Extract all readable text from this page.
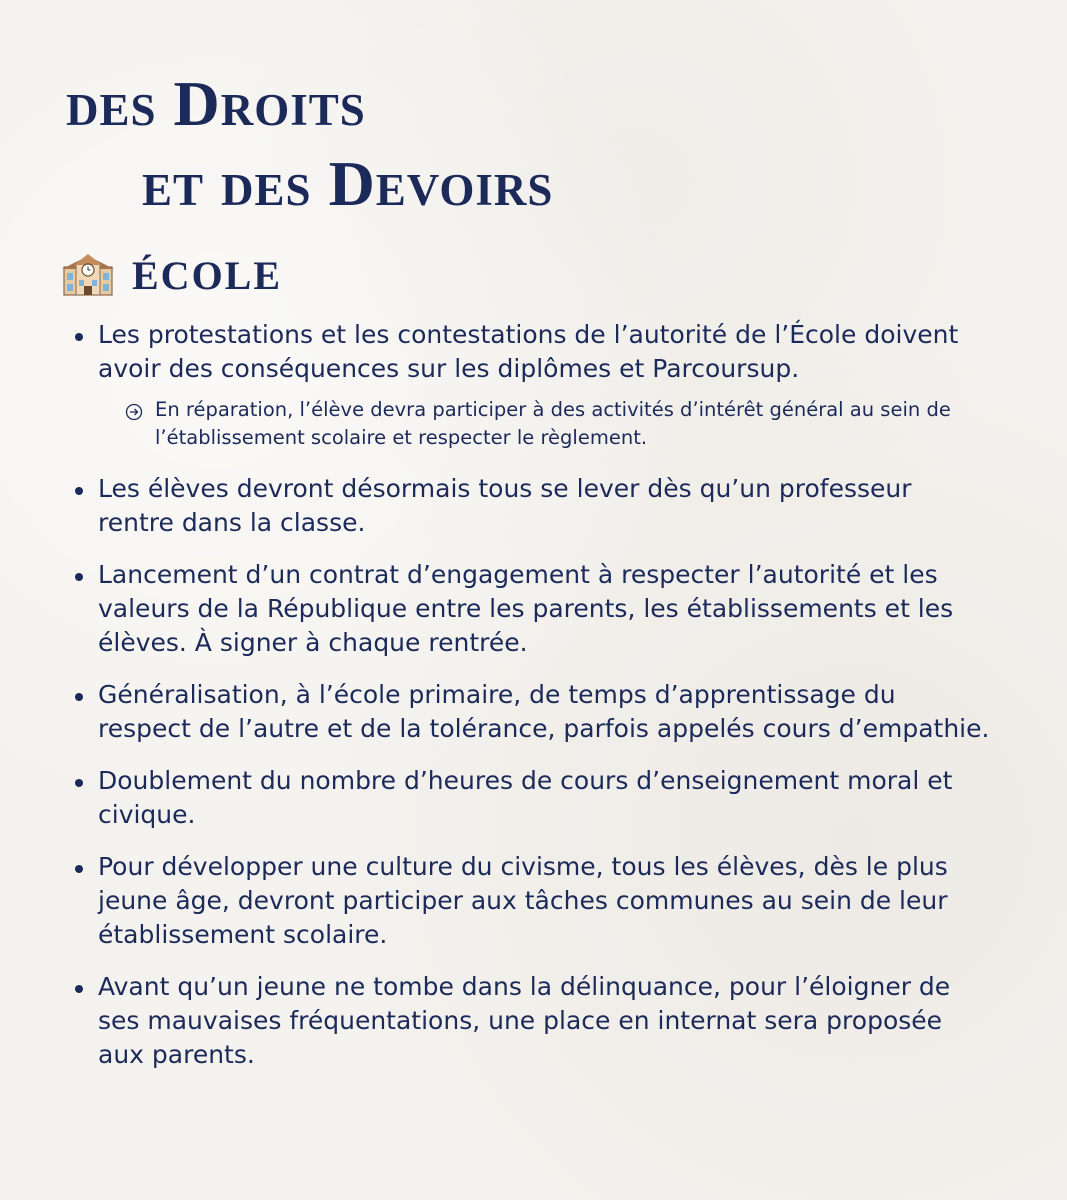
des Droits
et des Devoirs
ÉCOLE
Les protestations et les contestations de l’autorité de l’École doivent avoir des conséquences sur les diplômes et Parcoursup.
En réparation, l’élève devra participer à des activités d’intérêt général au sein de l’établissement scolaire et respecter le règlement.
Les élèves devront désormais tous se lever dès qu’un professeur rentre dans la classe.
Lancement d’un contrat d’engagement à respecter l’autorité et les valeurs de la République entre les parents, les établissements et les élèves. À signer à chaque rentrée.
Généralisation, à l’école primaire, de temps d’apprentissage du respect de l’autre et de la tolérance, parfois appelés cours d’empathie.
Doublement du nombre d’heures de cours d’enseignement moral et civique.
Pour développer une culture du civisme, tous les élèves, dès le plus jeune âge, devront participer aux tâches communes au sein de leur établissement scolaire.
Avant qu’un jeune ne tombe dans la délinquance, pour l’éloigner de ses mauvaises fréquentations, une place en internat sera proposée aux parents.
